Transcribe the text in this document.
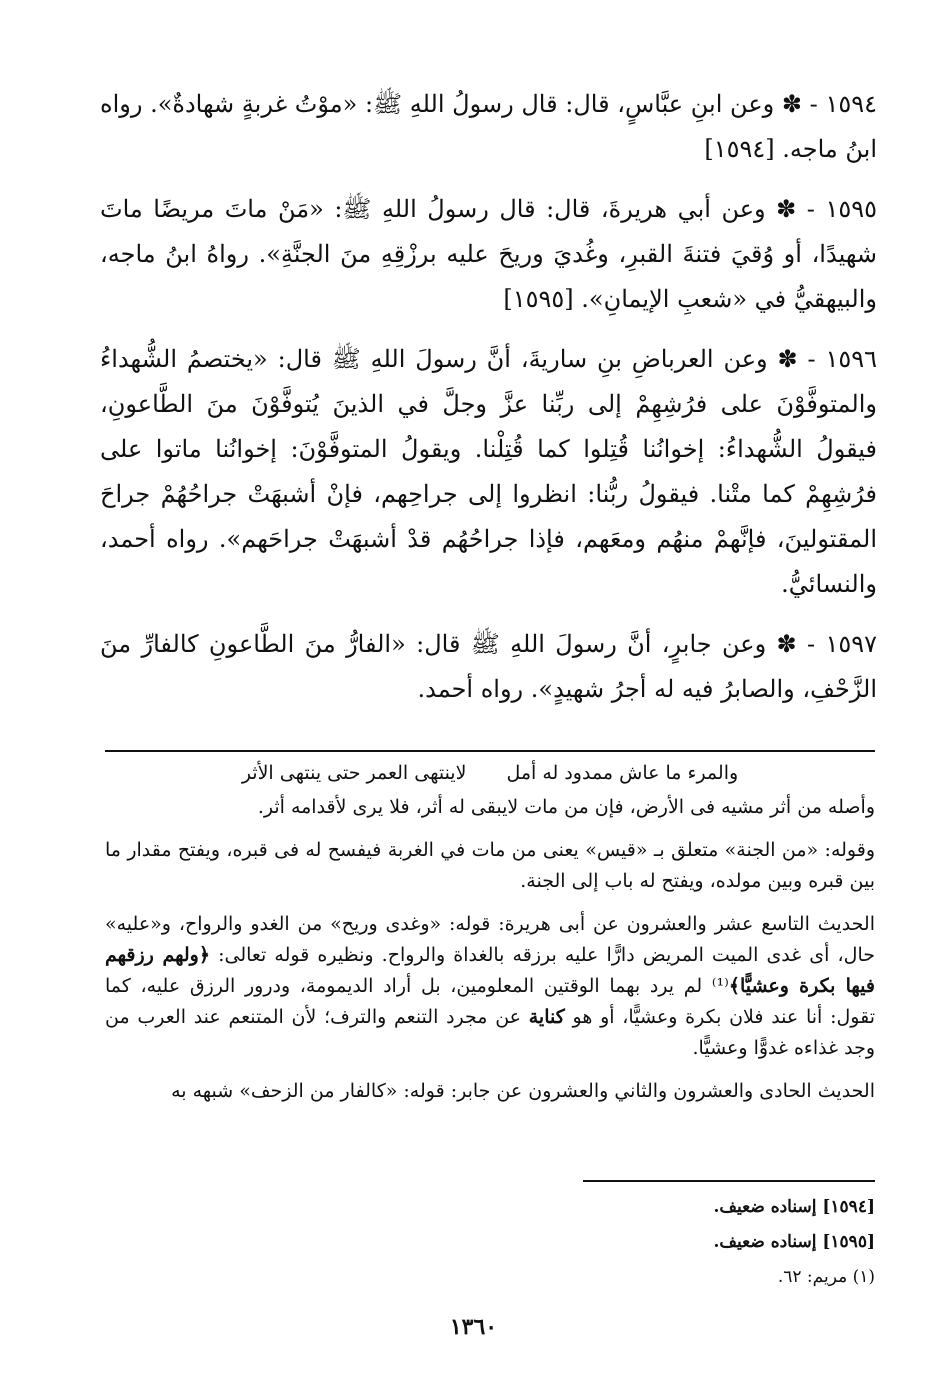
١٥٩٤ - ✽ وعن ابنِ عبَّاسٍ، قال: قال رسولُ اللهِ ﷺ: «موْتُ غربةٍ شهادةٌ». رواه ابنُ ماجه. [١٥٩٤]

١٥٩٥ - ✽ وعن أبي هريرةَ، قال: قال رسولُ اللهِ ﷺ: «مَنْ ماتَ مريضًا ماتَ شهيدًا، أو وُقيَ فتنةَ القبرِ، وغُديَ وريحَ عليه برزْقِهِ منَ الجنَّةِ». رواهُ ابنُ ماجه، والبيهقيُّ في «شعبِ الإيمانِ». [١٥٩٥]

١٥٩٦ - ✽ وعن العرباضِ بنِ ساريةَ، أنَّ رسولَ اللهِ ﷺ قال: «يختصمُ الشُّهداءُ والمتوفَّوْنَ على فرُشِهِمْ إلى ربِّنا عزَّ وجلَّ في الذينَ يُتوفَّوْنَ منَ الطَّاعونِ، فيقولُ الشُّهداءُ: إخوانُنا قُتِلوا كما قُتِلْنا. ويقولُ المتوفَّوْنَ: إخوانُنا ماتوا على فرُشِهِمْ كما متْنا. فيقولُ ربُّنا: انظروا إلى جراحِهم، فإنْ أشبهَتْ جراحُهُمْ جراحَ المقتولينَ، فإنَّهمْ منهُم ومعَهم، فإذا جراحُهُم قدْ أشبهَتْ جراحَهم». رواه أحمد، والنسائيُّ.

١٥٩٧ - ✽ وعن جابرٍ، أنَّ رسولَ اللهِ ﷺ قال: «الفارُّ منَ الطَّاعونِ كالفارِّ منَ الزَّحْفِ، والصابرُ فيه له أجرُ شهيدٍ». رواه أحمد.

والمرء ما عاش ممدود له أمل
لاينتهى العمر حتى ينتهى الأثر

وأصله من أثر مشيه فى الأرض، فإن من مات لايبقى له أثر، فلا يرى لأقدامه أثر.

وقوله: «من الجنة» متعلق بـ «قيس» يعنى من مات في الغربة فيفسح له فى قبره، ويفتح مقدار ما بين قبره وبين مولده، ويفتح له باب إلى الجنة.

الحديث التاسع عشر والعشرون عن أبى هريرة: قوله: «وغدى وريح» من الغدو والرواح، و«عليه» حال، أى غدى الميت المريض دارًّا عليه برزقه بالغداة والرواح. ونظيره قوله تعالى: ﴿ولهم رزقهم فيها بكرة وعشيًّا﴾⁽¹⁾ لم يرد بهما الوقتين المعلومين، بل أراد الديمومة، ودرور الرزق عليه، كما تقول: أنا عند فلان بكرة وعشيًّا، أو هو كناية عن مجرد التنعم والترف؛ لأن المتنعم عند العرب من وجد غذاءه غدوًّا وعشيًّا.

الحديث الحادى والعشرون والثاني والعشرون عن جابر: قوله: «كالفار من الزحف» شبهه به

[١٥٩٤] إسناده ضعيف.
[١٥٩٥] إسناده ضعيف.
(١) مريم: ٦٢.
١٣٦٠
